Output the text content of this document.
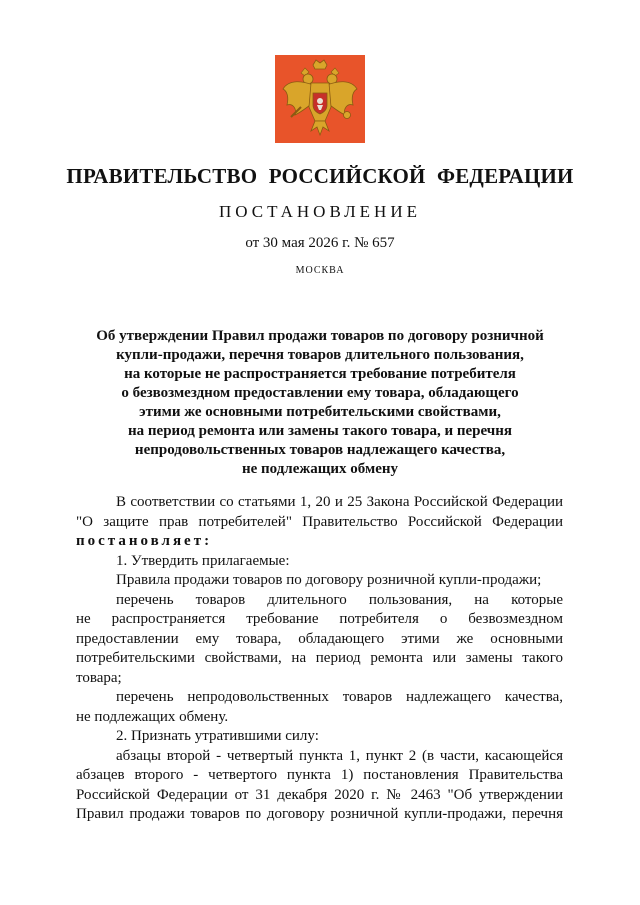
ПРАВИТЕЛЬСТВО РОССИЙСКОЙ ФЕДЕРАЦИИ
ПОСТАНОВЛЕНИЕ
от 30 мая 2026 г. № 657
МОСКВА
Об утверждении Правил продажи товаров по договору розничной
купли-продажи, перечня товаров длительного пользования,
на которые не распространяется требование потребителя
о безвозмездном предоставлении ему товара, обладающего
этими же основными потребительскими свойствами,
на период ремонта или замены такого товара, и перечня
непродовольственных товаров надлежащего качества,
не подлежащих обмену
В соответствии со статьями 1, 20 и 25 Закона Российской Федерации
"О защите прав потребителей" Правительство Российской Федерации
постановляет:
1. Утвердить прилагаемые:
Правила продажи товаров по договору розничной купли-продажи;
перечень товаров длительного пользования, на которые
не распространяется требование потребителя о безвозмездном
предоставлении ему товара, обладающего этими же основными
потребительскими свойствами, на период ремонта или замены такого
товара;
перечень непродовольственных товаров надлежащего качества,
не подлежащих обмену.
2. Признать утратившими силу:
абзацы второй - четвертый пункта 1, пункт 2 (в части, касающейся
абзацев второго - четвертого пункта 1) постановления Правительства
Российской Федерации от 31 декабря 2020 г. № 2463 "Об утверждении
Правил продажи товаров по договору розничной купли-продажи, перечня
